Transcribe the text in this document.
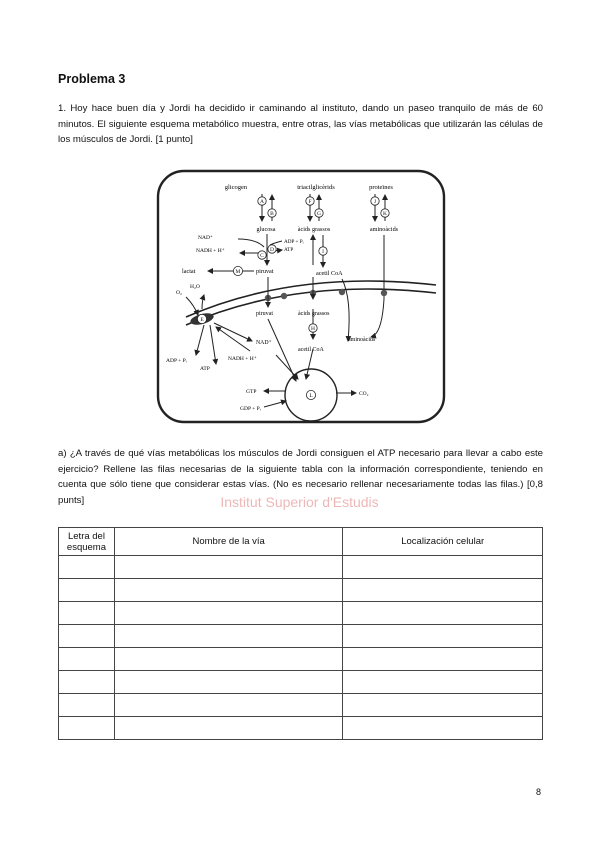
Problema 3
1. Hoy hace buen día y Jordi ha decidido ir caminando al instituto, dando un paseo tranquilo de más de 60 minutos. El siguiente esquema metabólico muestra, entre otras, las vías metabólicas que utilizarán las células de los músculos de Jordi. [1 punto]
glicogen	triacilglicèrids	proteïnes
A
B
F
G
J
K
glucosa	àcids grassos	aminoàcids
NAD⁺
NADH + H⁺
ADP + Pᵢ
ATP
C
D	I
M
lactat	piruvat	acetil CoA
O₂
H₂O
piruvat	àcids grassos
aminoàcids
NAD⁺
acetil CoA
ADP + Pᵢ
ATP
NADH + H⁺
E
H
L
GTP
GDP + Pᵢ
CO₂
a) ¿A través de qué vías metabólicas los músculos de Jordi consiguen el ATP necesario para llevar a cabo este ejercicio? Rellene las filas necesarias de la siguiente tabla con la información correspondiente, teniendo en cuenta que sólo tiene que considerar estas vías. (No es necesario rellenar necesariamente todas las filas.) [0,8 punts]	Institut Superior d'Estudis
Letra del esquema	Nombre de la vía	Localización celular

8
